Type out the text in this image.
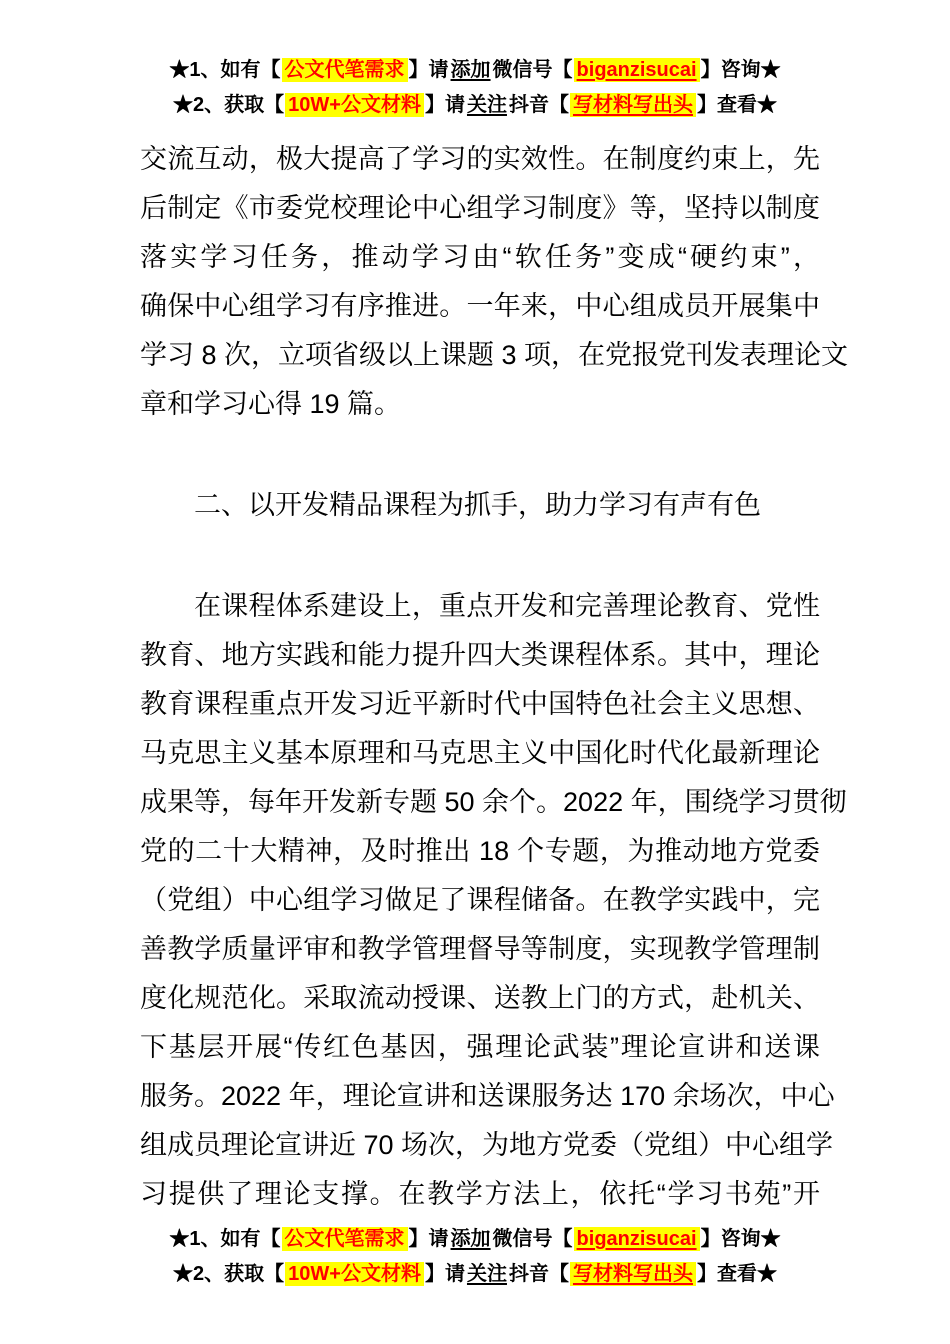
★1、如有【 公文代笔需求 】请 添加 微信号【 biganzisucai 】咨询★
★2、获取【 10W+公文材料 】请 关注 抖音【 写材料写出头 】查看★
交流互动，极大提高了学习的实效性。在制度约束上，先
后制定《市委党校理论中心组学习制度》等，坚持以制度
落实学习任务，推动学习由“软任务”变成“硬约束”，
确保中心组学习有序推进。一年来，中心组成员开展集中
学习 8 次，立项省级以上课题 3 项，在党报党刊发表理论文
章和学习心得 19 篇。
二、以开发精品课程为抓手，助力学习有声有色
在课程体系建设上，重点开发和完善理论教育、党性
教育、地方实践和能力提升四大类课程体系。其中，理论
教育课程重点开发习近平新时代中国特色社会主义思想、
马克思主义基本原理和马克思主义中国化时代化最新理论
成果等，每年开发新专题 50 余个。2022 年，围绕学习贯彻
党的二十大精神，及时推出 18 个专题，为推动地方党委
（党组）中心组学习做足了课程储备。在教学实践中，完
善教学质量评审和教学管理督导等制度，实现教学管理制
度化规范化。采取流动授课、送教上门的方式，赴机关、
下基层开展“传红色基因，强理论武装”理论宣讲和送课
服务。2022 年，理论宣讲和送课服务达 170 余场次，中心
组成员理论宣讲近 70 场次，为地方党委（党组）中心组学
习提供了理论支撑。在教学方法上，依托“学习书苑”开
★1、如有【 公文代笔需求 】请 添加 微信号【 biganzisucai 】咨询★
★2、获取【 10W+公文材料 】请 关注 抖音【 写材料写出头 】查看★
